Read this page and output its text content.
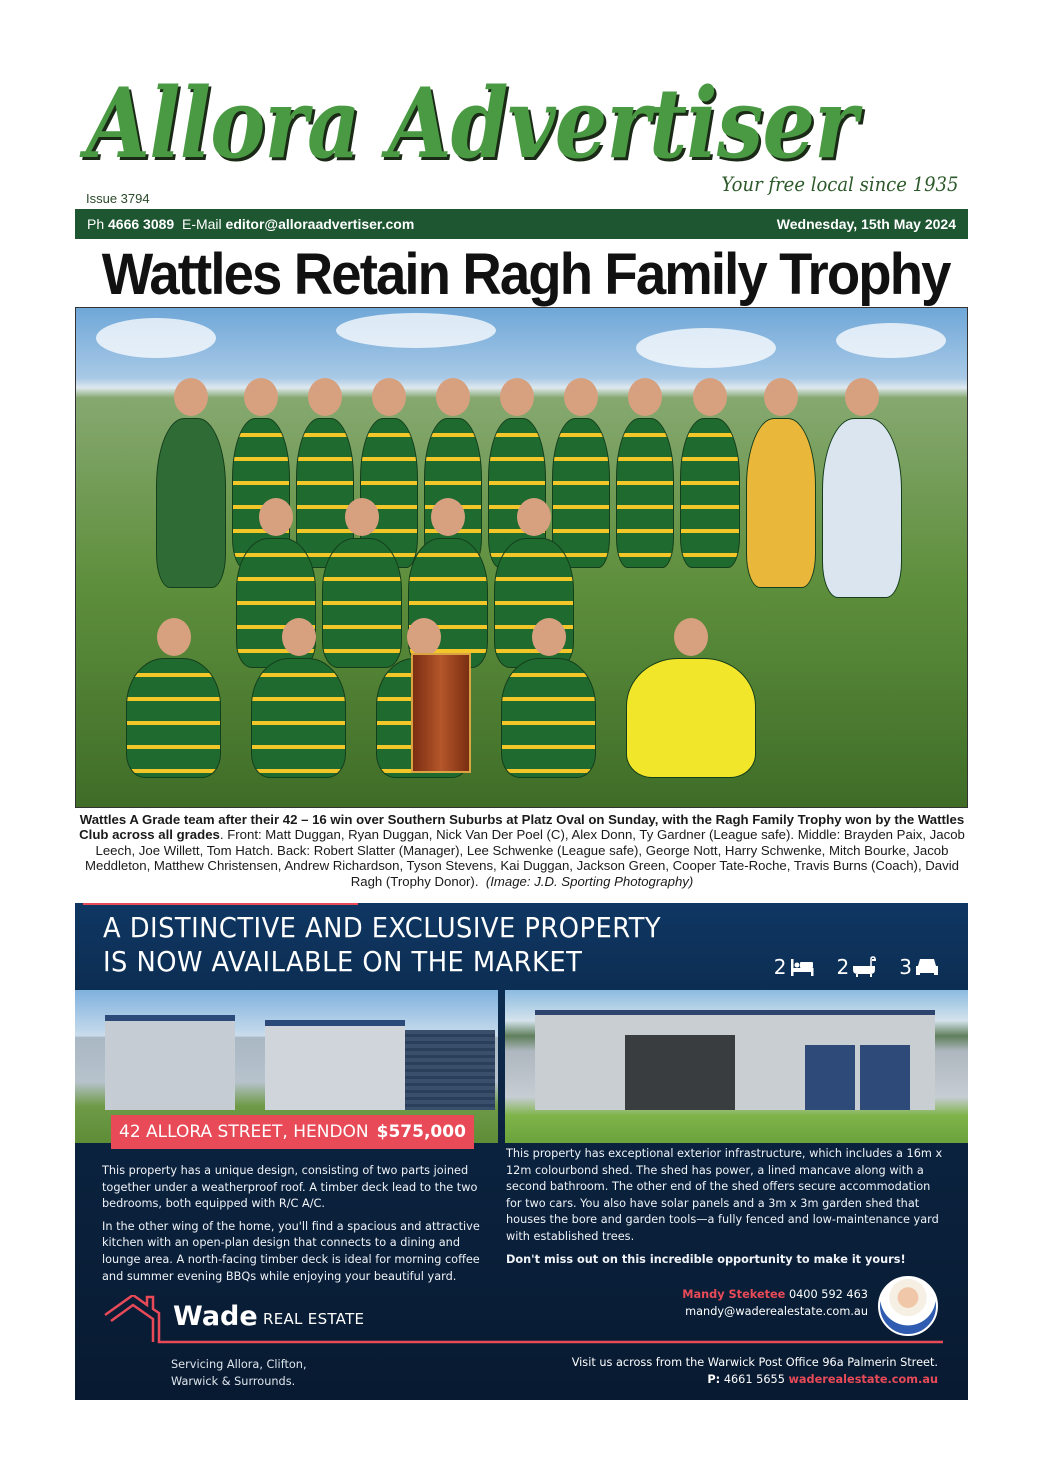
Allora Advertiser
Your free local since 1935
Issue 3794
Ph 4666 3089 E-Mail editor@alloraadvertiser.com	Wednesday, 15th May 2024
Wattles Retain Ragh Family Trophy
Wattles A Grade team after their 42 – 16 win over Southern Suburbs at Platz Oval on Sunday, with the Ragh Family Trophy won by the Wattles Club across all grades. Front: Matt Duggan, Ryan Duggan, Nick Van Der Poel (C), Alex Donn, Ty Gardner (League safe). Middle: Brayden Paix, Jacob Leech, Joe Willett, Tom Hatch. Back: Robert Slatter (Manager), Lee Schwenke (League safe), George Nott, Harry Schwenke, Mitch Bourke, Jacob Meddleton, Matthew Christensen, Andrew Richardson, Tyson Stevens, Kai Duggan, Jackson Green, Cooper Tate-Roche, Travis Burns (Coach), David Ragh (Trophy Donor). (Image: J.D. Sporting Photography)
A DISTINCTIVE AND EXCLUSIVE PROPERTY
IS NOW AVAILABLE ON THE MARKET	2	2	3
42 ALLORA STREET, HENDON $575,000

This property has a unique design, consisting of two parts joined together under a weatherproof roof. A timber deck lead to the two bedrooms, both equipped with R/C A/C.

In the other wing of the home, you'll find a spacious and attractive kitchen with an open-plan design that connects to a dining and lounge area. A north-facing timber deck is ideal for morning coffee and summer evening BBQs while enjoying your beautiful yard.

This property has exceptional exterior infrastructure, which includes a 16m x 12m colourbond shed. The shed has power, a lined mancave along with a second bathroom. The other end of the shed offers secure accommodation for two cars. You also have solar panels and a 3m x 3m garden shed that houses the bore and garden tools—a fully fenced and low-maintenance yard with established trees.

Don't miss out on this incredible opportunity to make it yours!

Wade REAL ESTATE
Servicing Allora, Clifton,
Warwick & Surrounds.
Mandy Steketee 0400 592 463
mandy@waderealestate.com.au
Visit us across from the Warwick Post Office 96a Palmerin Street.
P: 4661 5655 waderealestate.com.au
